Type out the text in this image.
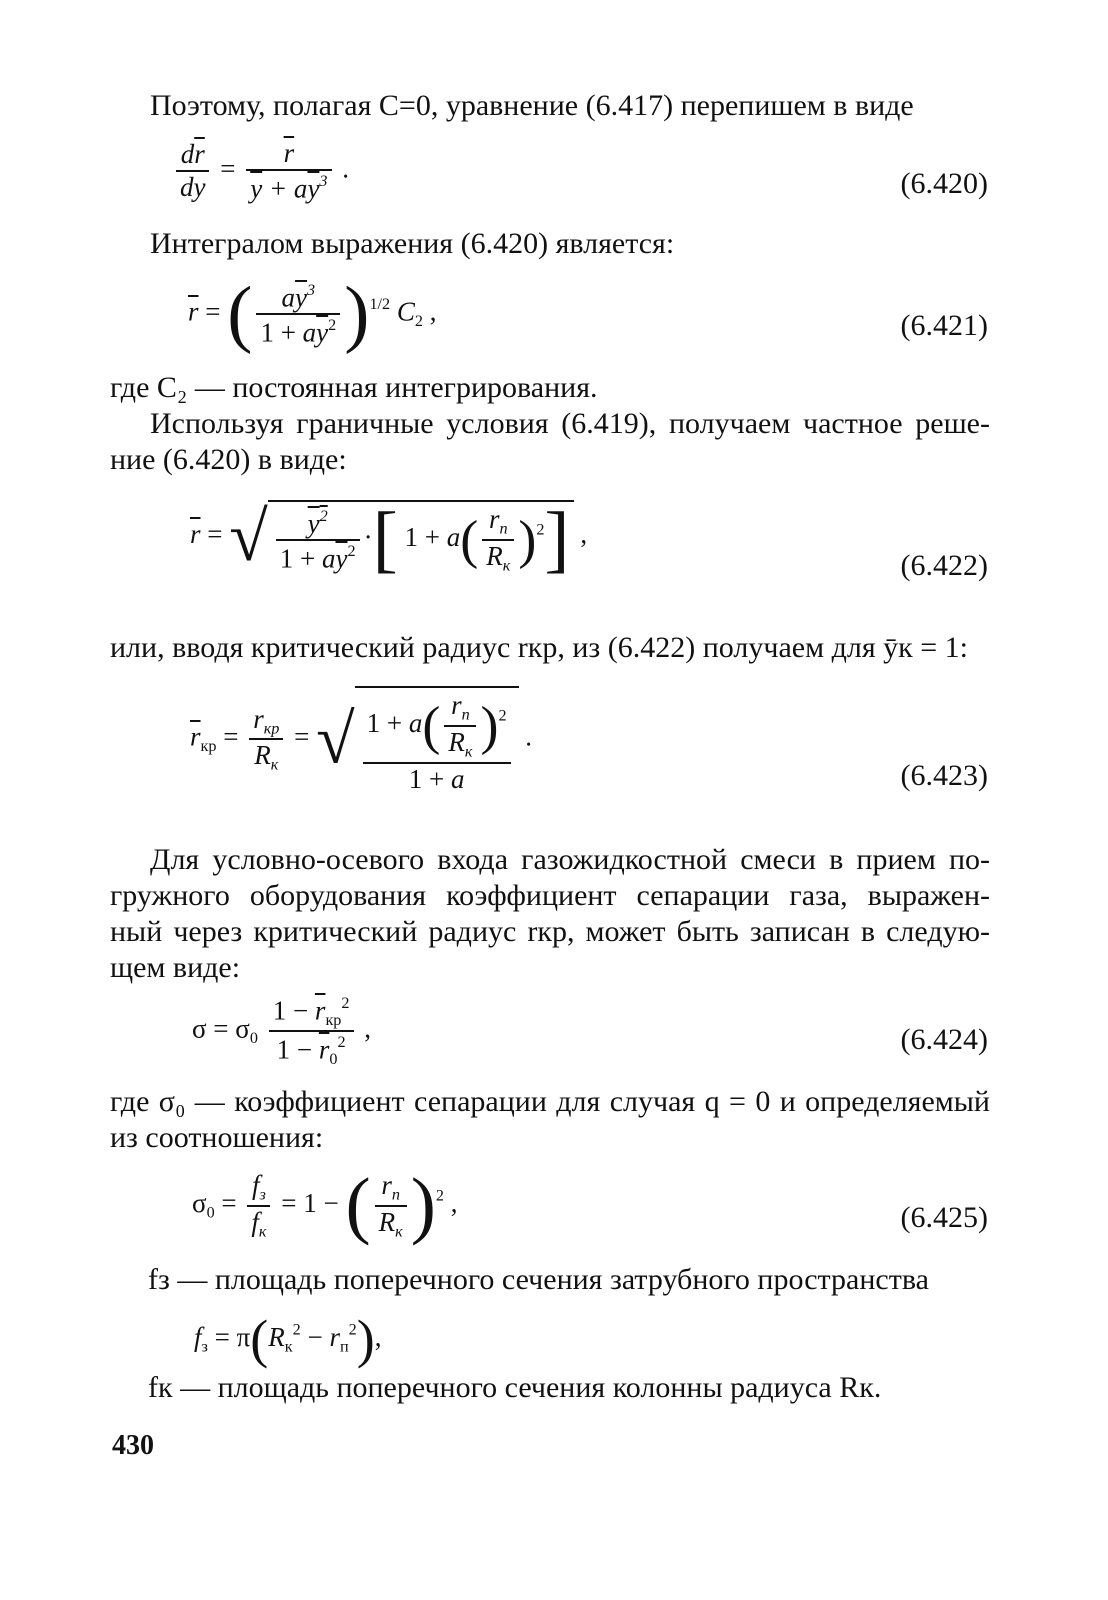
Поэтому, полагая C=0, уравнение (6.417) перепишем в виде
$\frac{d\overline{r}}{d\overline{y}} = \frac{\overline{r}}{\overline{y} + a\overline{y}^3}$ .	(6.420)
Интегралом выражения (6.420) является:
$\overline{r}$ = ( $\frac{a\overline{y}^3}{1 + a\overline{y}^2} )^{1/2}$ $C_2$ ,	(6.421)
где C₂ — постоянная интегрирования.
Используя граничные условия (6.419), получаем частное реше-
ние (6.420) в виде:
$\overline{r}$ = √ $\frac{y^2}{1 + a\overline{y}^2}$ ·[ $1 + a( \frac{r_п}{R_к} )^2$] ,
(6.422)
или, вводя критический радиус rкр, из (6.422) получаем для ȳк = 1:
$\overline{r}_{кр} = \frac{r_{кр}}{R_к}$ = √ $\frac{1 + a( \frac{r_п}{R_к} )^2}{1 + a}$ .
(6.423)
Для условно-осевого входа газожидкостной смеси в прием по-
гружного оборудования коэффициент сепарации газа, выражен-
ный через критический радиус rкр, может быть записан в следую-
щем виде:
$\sigma = \sigma_0 \frac{1 - \overline{r}_{кр}^2}{1 - \overline{r}_0^2}$ ,	(6.424)
где σ₀ — коэффициент сепарации для случая q = 0 и определяемый
из соотношения:
$\sigma_0 = \frac{f_з}{f_к} = 1$ − ( $\frac{r_п}{R_к} )^2$ ,	(6.425)
fз — площадь поперечного сечения затрубного пространства
$f_з = \pi(R_к^2 - r_п^2)$,
fк — площадь поперечного сечения колонны радиуса Rк.
430
